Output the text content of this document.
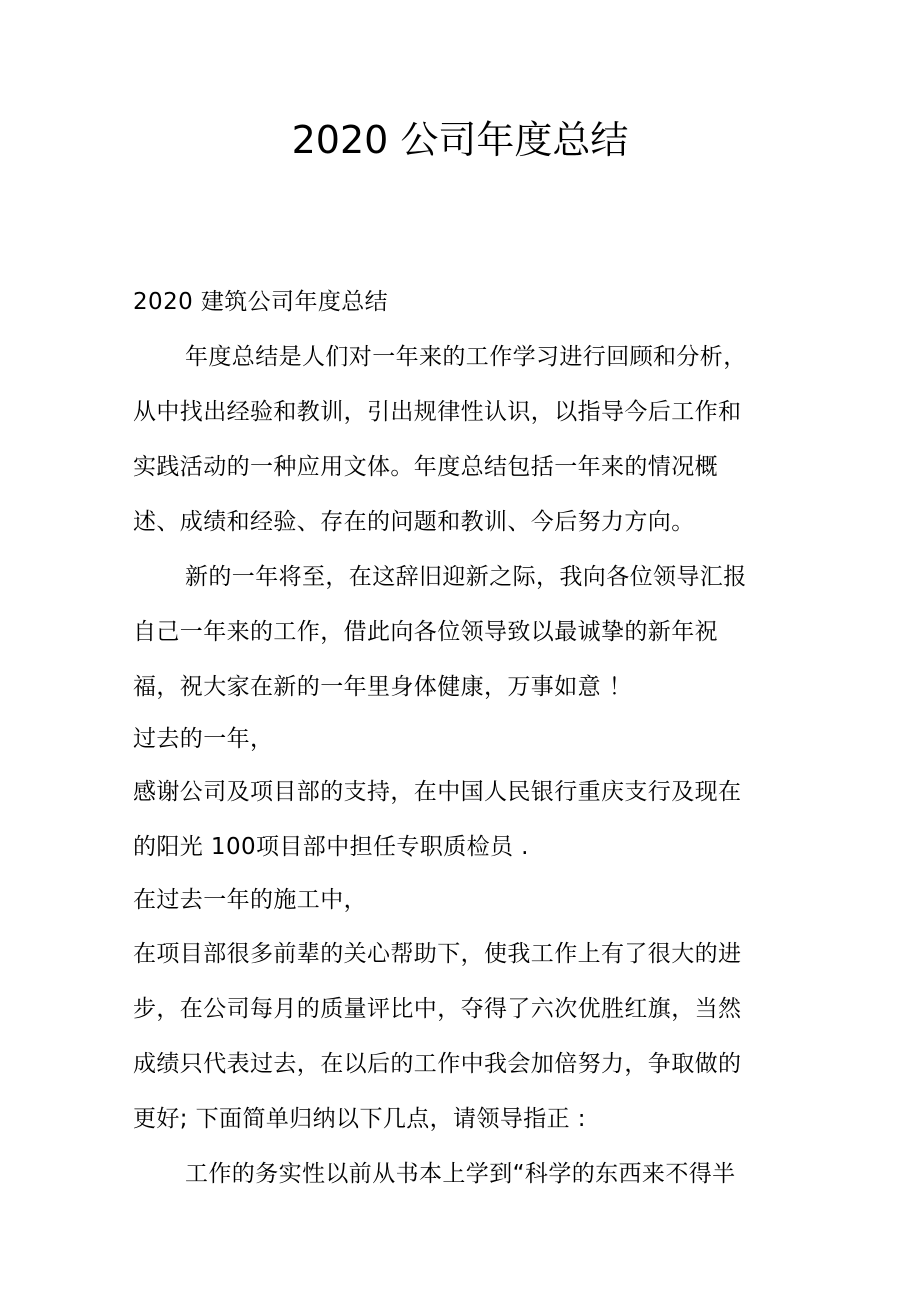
2020 公司年度总结
2020 建筑公司年度总结
年度总结是人们对一年来的工作学习进行回顾和分析，
从中找出经验和教训，引出规律性认识，以指导今后工作和
实践活动的一种应用文体。年度总结包括一年来的情况概
述、成绩和经验、存在的问题和教训、今后努力方向。
新的一年将至，在这辞旧迎新之际，我向各位领导汇报
自己一年来的工作，借此向各位领导致以最诚挚的新年祝
福，祝大家在新的一年里身体健康，万事如意 ！
过去的一年，
感谢公司及项目部的支持，在中国人民银行重庆支行及现在
的阳光 100项目部中担任专职质检员 .
在过去一年的施工中，
在项目部很多前辈的关心帮助下，使我工作上有了很大的进
步，在公司每月的质量评比中，夺得了六次优胜红旗，当然
成绩只代表过去，在以后的工作中我会加倍努力，争取做的
更好; 下面简单归纳以下几点，请领导指正 :
工作的务实性以前从书本上学到“科学的东西来不得半
